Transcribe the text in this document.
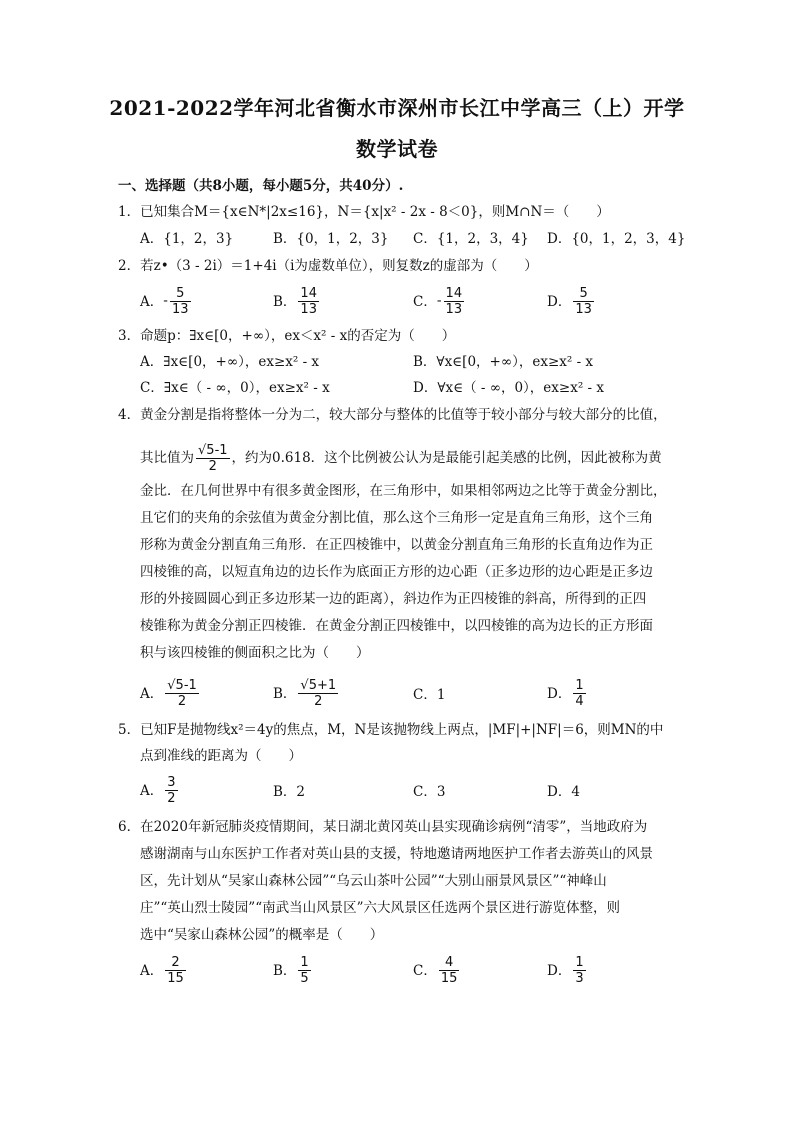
2021-2022学年河北省衡水市深州市长江中学高三（上）开学
数学试卷
一、选择题（共8小题，每小题5分，共40分）.
1．已知集合M＝{x∈N*|2x≤16}，N＝{x|x² - 2x - 8＜0}，则M∩N＝（　　）
A．{1，2，3}	B．{0，1，2，3} C．{1，2，3，4} D．{0，1，2，3，4}
2．若z•（3 - 2i）＝1+4i（i为虚数单位），则复数z的虚部为（　　）
A．- $\frac{5}{13}$	B． $\frac{14}{13}$	C．- $\frac{14}{13}$	D． $\frac{5}{13}$
3．命题p：∃x∈[0，+∞），ex＜x² - x的否定为（　　）
A．∃x∈[0，+∞），ex≥x² - x	B．∀x∈[0，+∞），ex≥x² - x
C．∃x∈（ - ∞，0），ex≥x² - x	D．∀x∈（ - ∞，0），ex≥x² - x
4．黄金分割是指将整体一分为二，较大部分与整体的比值等于较小部分与较大部分的比值，
其比值为 $\frac{√5-1}{2}$ ，约为0.618．这个比例被公认为是最能引起美感的比例，因此被称为黄
金比．在几何世界中有很多黄金图形，在三角形中，如果相邻两边之比等于黄金分割比，
且它们的夹角的余弦值为黄金分割比值，那么这个三角形一定是直角三角形，这个三角
形称为黄金分割直角三角形．在正四棱锥中，以黄金分割直角三角形的长直角边作为正
四棱锥的高，以短直角边的边长作为底面正方形的边心距（正多边形的边心距是正多边
形的外接圆圆心到正多边形某一边的距离），斜边作为正四棱锥的斜高，所得到的正四
棱锥称为黄金分割正四棱锥．在黄金分割正四棱锥中，以四棱锥的高为边长的正方形面
积与该四棱锥的侧面积之比为（　　）
A． $\frac{√5-1}{2}$	B． $\frac{√5+1}{2}$	C．1	D． $\frac{1}{4}$
5．已知F是抛物线x²＝4y的焦点，M，N是该抛物线上两点，|MF|+|NF|＝6，则MN的中
点到准线的距离为（　　）
A． $\frac{3}{2}$	B．2	C．3	D．4
6．在2020年新冠肺炎疫情期间，某日湖北黄冈英山县实现确诊病例“清零”，当地政府为
感谢湖南与山东医护工作者对英山县的支援，特地邀请两地医护工作者去游英山的风景
区，先计划从“吴家山森林公园”“乌云山茶叶公园”“大别山丽景风景区”“神峰山
庄”“英山烈士陵园”“南武当山风景区”六大风景区任选两个景区进行游览体整，则
选中“吴家山森林公园”的概率是（　　）
A． $\frac{2}{15}$	B． $\frac{1}{5}$	C． $\frac{4}{15}$	D． $\frac{1}{3}$
